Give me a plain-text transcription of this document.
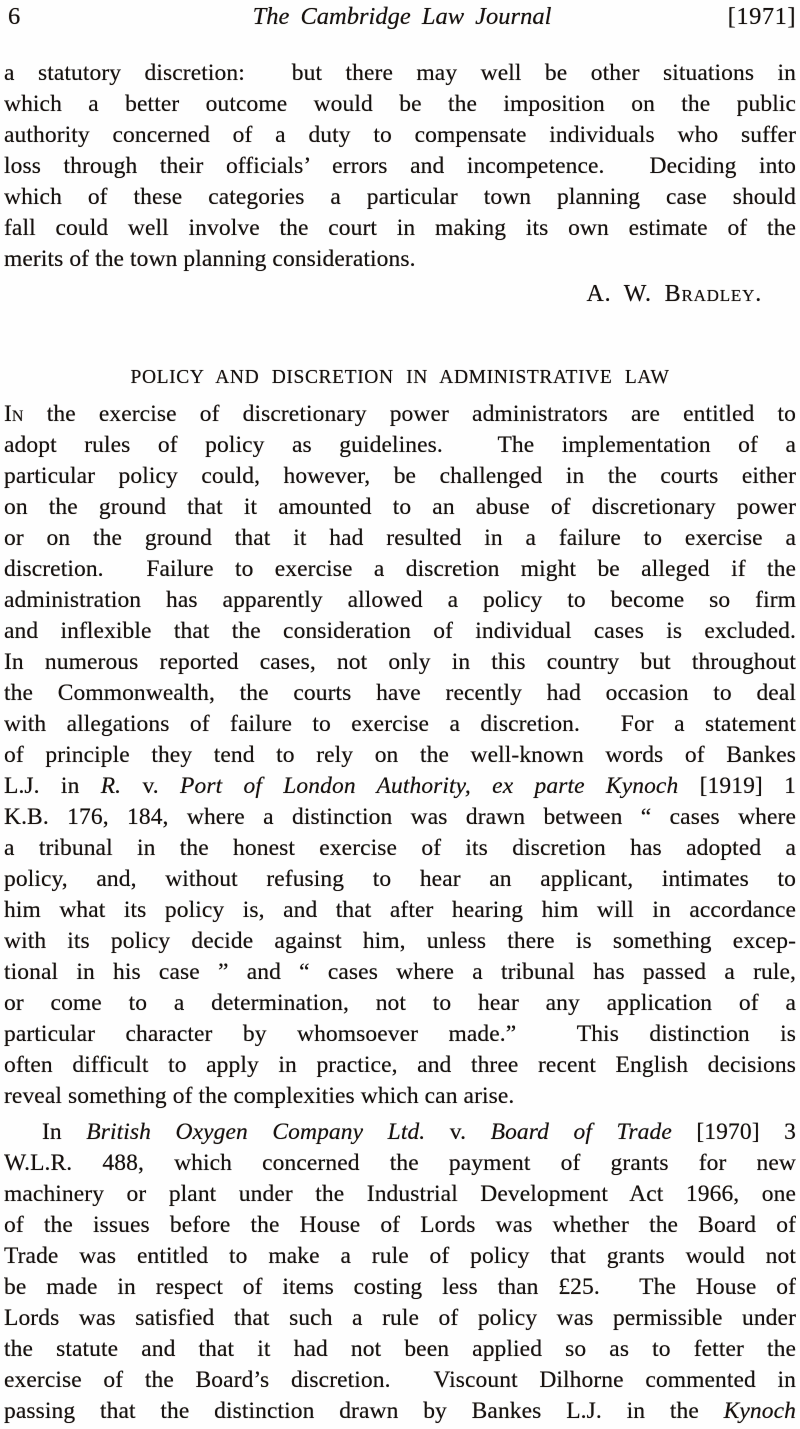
6	The Cambridge Law Journal	[1971]
a statutory discretion:  but there may well be other situations in
which a better outcome would be the imposition on the public
authority concerned of a duty to compensate individuals who suffer
loss through their officials’ errors and incompetence.  Deciding into
which of these categories a particular town planning case should
fall could well involve the court in making its own estimate of the
merits of the town planning considerations.
A. W. Bradley.
POLICY AND DISCRETION IN ADMINISTRATIVE LAW
In the exercise of discretionary power administrators are entitled to
adopt rules of policy as guidelines.  The implementation of a
particular policy could, however, be challenged in the courts either
on the ground that it amounted to an abuse of discretionary power
or on the ground that it had resulted in a failure to exercise a
discretion.  Failure to exercise a discretion might be alleged if the
administration has apparently allowed a policy to become so firm
and inflexible that the consideration of individual cases is excluded.
In numerous reported cases, not only in this country but throughout
the Commonwealth, the courts have recently had occasion to deal
with allegations of failure to exercise a discretion.  For a statement
of principle they tend to rely on the well-known words of Bankes
L.J. in R. v. Port of London Authority, ex parte Kynoch [1919] 1
K.B. 176, 184, where a distinction was drawn between “ cases where
a tribunal in the honest exercise of its discretion has adopted a
policy, and, without refusing to hear an applicant, intimates to
him what its policy is, and that after hearing him will in accordance
with its policy decide against him, unless there is something excep-
tional in his case ” and “ cases where a tribunal has passed a rule,
or come to a determination, not to hear any application of a
particular character by whomsoever made.”  This distinction is
often difficult to apply in practice, and three recent English decisions
reveal something of the complexities which can arise.
In British Oxygen Company Ltd. v. Board of Trade [1970] 3
W.L.R. 488, which concerned the payment of grants for new
machinery or plant under the Industrial Development Act 1966, one
of the issues before the House of Lords was whether the Board of
Trade was entitled to make a rule of policy that grants would not
be made in respect of items costing less than £25.  The House of
Lords was satisfied that such a rule of policy was permissible under
the statute and that it had not been applied so as to fetter the
exercise of the Board’s discretion.  Viscount Dilhorne commented in
passing that the distinction drawn by Bankes L.J. in the Kynoch
